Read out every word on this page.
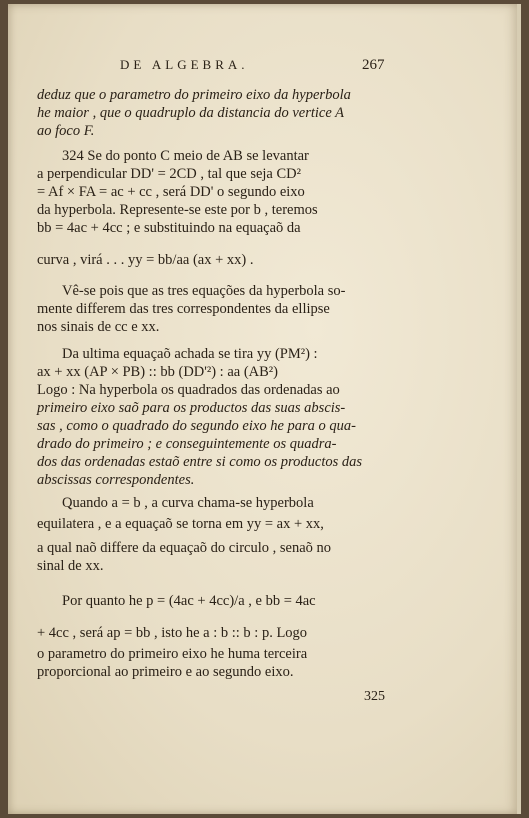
DE ALGEBRA.	267
deduz que o parametro do primeiro eixo da hyperbola
he maior , que o quadruplo da distancia do vertice A
ao foco F.
324 Se do ponto C meio de AB se levantar
a perpendicular DD' = 2CD , tal que seja CD²
= Af × FA = ac + cc , será DD' o segundo eixo
da hyperbola. Represente-se este por b , teremos
bb = 4ac + 4cc ; e substituindo na equaçaõ da
curva , virá . . . yy = bb/aa (ax + xx) .
Vê-se pois que as tres equações da hyperbola so-
mente differem das tres correspondentes da ellipse
nos sinais de cc e xx.
Da ultima equaçaõ achada se tira yy (PM²) :
ax + xx (AP × PB) :: bb (DD'²) : aa (AB²)
Logo : Na hyperbola os quadrados das ordenadas ao
primeiro eixo saõ para os productos das suas abscis-
sas , como o quadrado do segundo eixo he para o qua-
drado do primeiro ; e conseguintemente os quadra-
dos das ordenadas estaõ entre si como os productos das
abscissas correspondentes.
Quando a = b , a curva chama-se hyperbola
equilatera , e a equaçaõ se torna em yy = ax + xx,
a qual naõ differe da equaçaõ do circulo , senaõ no
sinal de xx.
Por quanto he p = (4ac + 4cc)/a , e bb = 4ac
+ 4cc , será ap = bb , isto he a : b :: b : p. Logo
o parametro do primeiro eixo he huma terceira
proporcional ao primeiro e ao segundo eixo.
325
